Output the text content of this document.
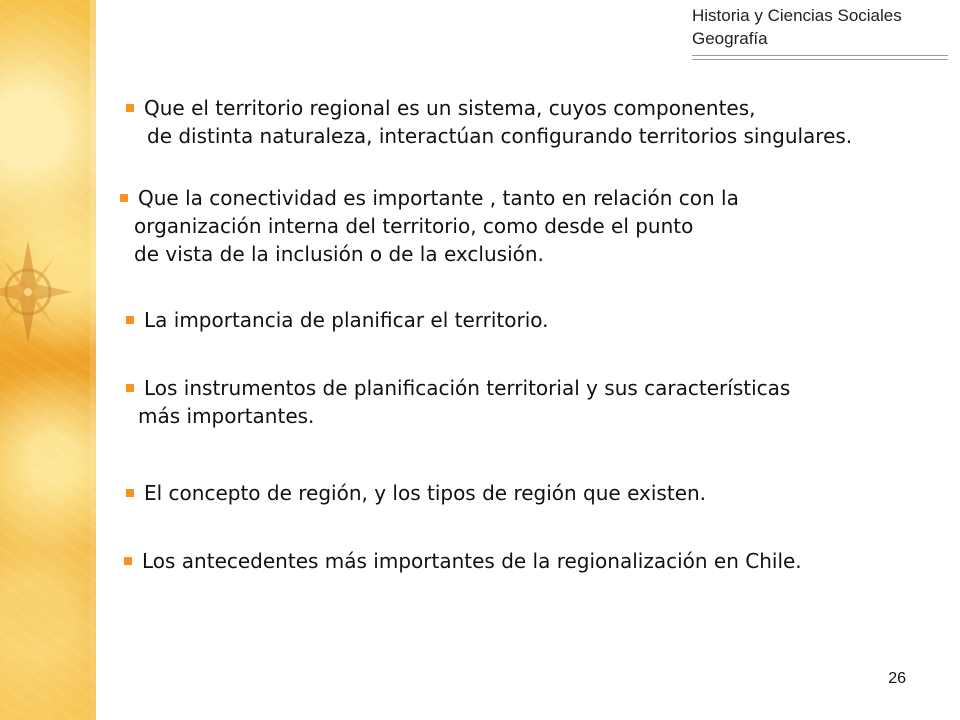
Historia y Ciencias Sociales
Geografía
Que el territorio regional es un sistema, cuyos componentes,
de distinta naturaleza, interactúan configurando territorios singulares.
Que la conectividad es importante , tanto en relación con la
organización interna del territorio, como desde el punto
de vista de la inclusión o de la exclusión.
La importancia de planificar el territorio.
Los instrumentos de planificación territorial y sus características
más importantes.
El concepto de región, y los tipos de región que existen.
Los antecedentes más importantes de la regionalización en Chile.
26
